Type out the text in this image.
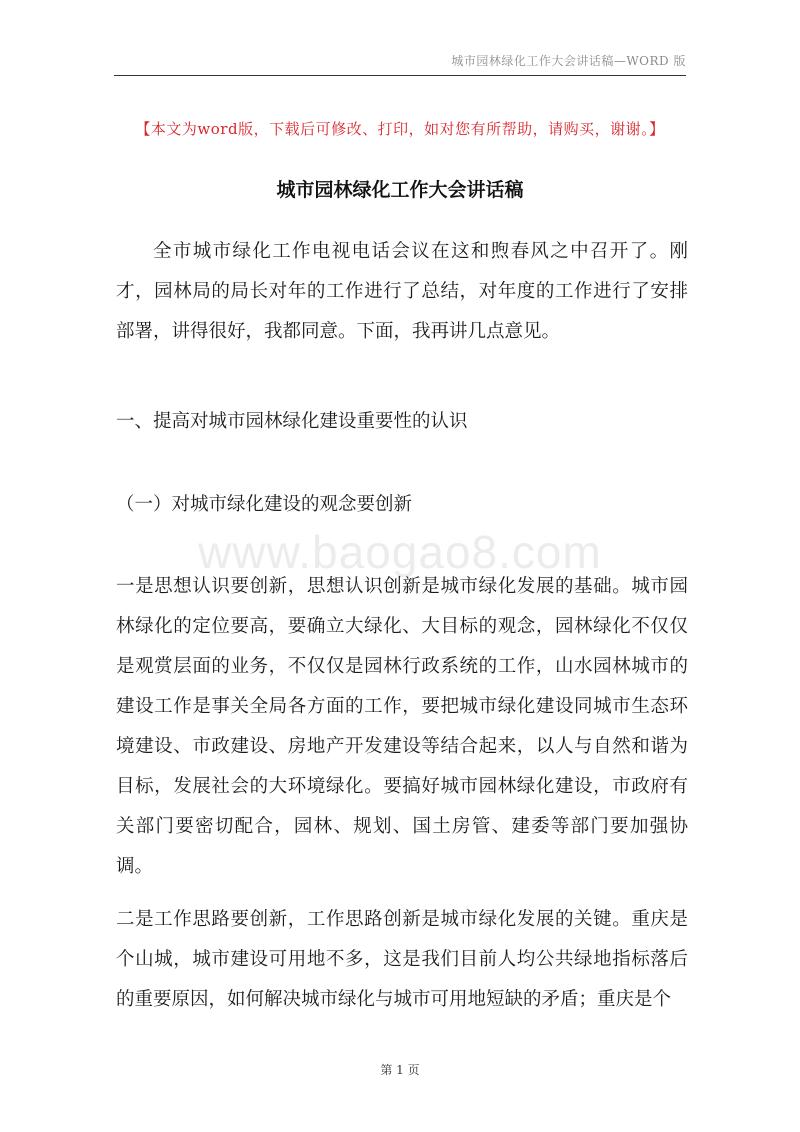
城市园林绿化工作大会讲话稿—WORD 版
【本文为word版，下载后可修改、打印，如对您有所帮助，请购买，谢谢。】
城市园林绿化工作大会讲话稿

全市城市绿化工作电视电话会议在这和煦春风之中召开了。刚才，园林局的局长对年的工作进行了总结，对年度的工作进行了安排部署，讲得很好，我都同意。下面，我再讲几点意见。

一、提高对城市园林绿化建设重要性的认识

（一）对城市绿化建设的观念要创新

www.baogao8.com

一是思想认识要创新，思想认识创新是城市绿化发展的基础。城市园林绿化的定位要高，要确立大绿化、大目标的观念，园林绿化不仅仅是观赏层面的业务，不仅仅是园林行政系统的工作，山水园林城市的建设工作是事关全局各方面的工作，要把城市绿化建设同城市生态环境建设、市政建设、房地产开发建设等结合起来，以人与自然和谐为目标，发展社会的大环境绿化。要搞好城市园林绿化建设，市政府有关部门要密切配合，园林、规划、国土房管、建委等部门要加强协调。

二是工作思路要创新，工作思路创新是城市绿化发展的关键。重庆是个山城，城市建设可用地不多，这是我们目前人均公共绿地指标落后的重要原因，如何解决城市绿化与城市可用地短缺的矛盾；重庆是个

第 1 页
